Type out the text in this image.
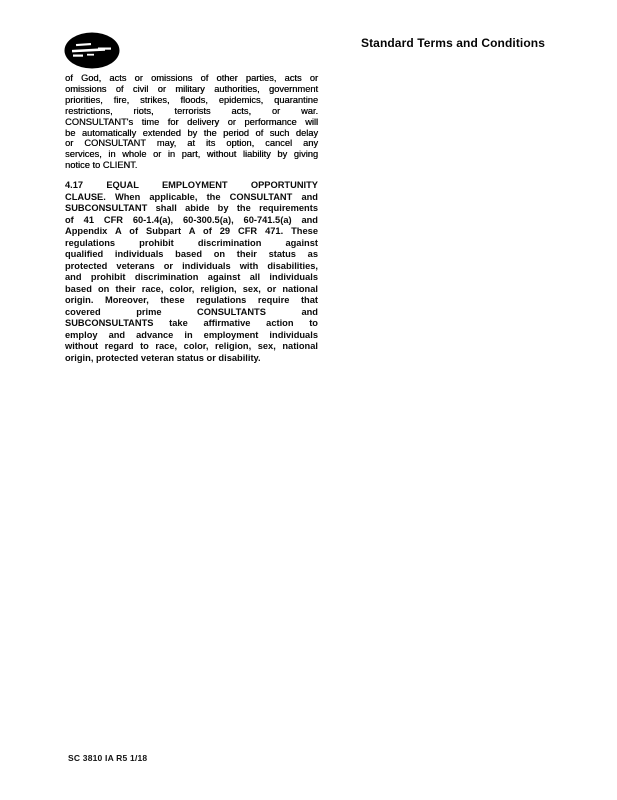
Standard Terms and Conditions
of God, acts or omissions of other parties, acts or
omissions of civil or military authorities, government
priorities, fire, strikes, floods, epidemics, quarantine
restrictions, riots, terrorists acts, or war.
CONSULTANT's time for delivery or performance will
be automatically extended by the period of such delay
or CONSULTANT may, at its option, cancel any
services, in whole or in part, without liability by giving
notice to CLIENT.
4.17 EQUAL EMPLOYMENT OPPORTUNITY
CLAUSE. When applicable, the CONSULTANT and
SUBCONSULTANT shall abide by the requirements
of 41 CFR 60-1.4(a), 60-300.5(a), 60-741.5(a) and
Appendix A of Subpart A of 29 CFR 471. These
regulations prohibit discrimination against
qualified individuals based on their status as
protected veterans or individuals with disabilities,
and prohibit discrimination against all individuals
based on their race, color, religion, sex, or national
origin. Moreover, these regulations require that
covered prime CONSULTANTS and
SUBCONSULTANTS take affirmative action to
employ and advance in employment individuals
without regard to race, color, religion, sex, national
origin, protected veteran status or disability.
SC 3810 IA R5 1/18
